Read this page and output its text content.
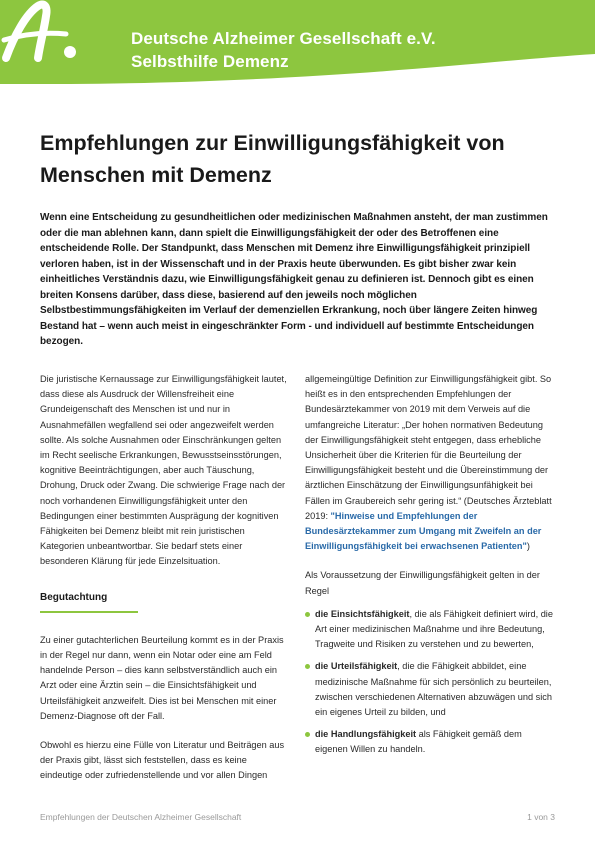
Deutsche Alzheimer Gesellschaft e.V.
Selbsthilfe Demenz
Empfehlungen zur Einwilligungsfähigkeit von Menschen mit Demenz
Wenn eine Entscheidung zu gesundheitlichen oder medizinischen Maßnahmen ansteht, der man zustimmen oder die man ablehnen kann, dann spielt die Einwilligungsfähigkeit der oder des Betroffenen eine entscheidende Rolle. Der Standpunkt, dass Menschen mit Demenz ihre Einwilligungsfähigkeit prinzipiell verloren haben, ist in der Wissenschaft und in der Praxis heute überwunden. Es gibt bisher zwar kein einheitliches Verständnis dazu, wie Einwilligungsfähigkeit genau zu definieren ist. Dennoch gibt es einen breiten Konsens darüber, dass diese, basierend auf den jeweils noch möglichen Selbstbestimmungsfähigkeiten im Verlauf der demenziellen Erkrankung, noch über längere Zeiten hinweg Bestand hat – wenn auch meist in eingeschränkter Form - und individuell auf bestimmte Entscheidungen bezogen.

Die juristische Kernaussage zur Einwilligungsfähigkeit lautet, dass diese als Ausdruck der Willensfreiheit eine Grundeigenschaft des Menschen ist und nur in Ausnahmefällen wegfallend sei oder angezweifelt werden sollte. Als solche Ausnahmen oder Einschränkungen gelten im Recht seelische Erkrankungen, Bewusstseinsstörungen, kognitive Beeinträchtigungen, aber auch Täuschung, Drohung, Druck oder Zwang. Die schwierige Frage nach der noch vorhandenen Einwilligungsfähigkeit unter den Bedingungen einer bestimmten Ausprägung der kognitiven Fähigkeiten bei Demenz bleibt mit rein juristischen Kategorien unbeantwortbar. Sie bedarf stets einer besonderen Klärung für jede Einzelsituation.

Begutachtung

Zu einer gutachterlichen Beurteilung kommt es in der Praxis in der Regel nur dann, wenn ein Notar oder eine am Feld handelnde Person – dies kann selbstverständlich auch ein Arzt oder eine Ärztin sein – die Einsichtsfähigkeit und Urteilsfähigkeit anzweifelt. Dies ist bei Menschen mit einer Demenz-Diagnose oft der Fall.

Obwohl es hierzu eine Fülle von Literatur und Beiträgen aus der Praxis gibt, lässt sich feststellen, dass es keine eindeutige oder zufriedenstellende und vor allen Dingen

allgemeingültige Definition zur Einwilligungsfähigkeit gibt. So heißt es in den entsprechenden Empfehlungen der Bundesärztekammer von 2019 mit dem Verweis auf die umfangreiche Literatur: „Der hohen normativen Bedeutung der Einwilligungsfähigkeit steht entgegen, dass erhebliche Unsicherheit über die Kriterien für die Beurteilung der Einwilligungsfähigkeit besteht und die Übereinstimmung der ärztlichen Einschätzung der Einwilligungsunfähigkeit bei Fällen im Graubereich sehr gering ist.“ (Deutsches Ärzteblatt 2019: "Hinweise und Empfehlungen der Bundesärztekammer zum Umgang mit Zweifeln an der Einwilligungsfähigkeit bei erwachsenen Patienten")

Als Voraussetzung der Einwilligungsfähigkeit gelten in der Regel

die Einsichtsfähigkeit, die als Fähigkeit definiert wird, die Art einer medizinischen Maßnahme und ihre Bedeutung, Tragweite und Risiken zu verstehen und zu bewerten,
die Urteilsfähigkeit, die die Fähigkeit abbildet, eine medizinische Maßnahme für sich persönlich zu beurteilen, zwischen verschiedenen Alternativen abzuwägen und sich ein eigenes Urteil zu bilden, und
die Handlungsfähigkeit als Fähigkeit gemäß dem eigenen Willen zu handeln.
Empfehlungen der Deutschen Alzheimer Gesellschaft	1 von 3
